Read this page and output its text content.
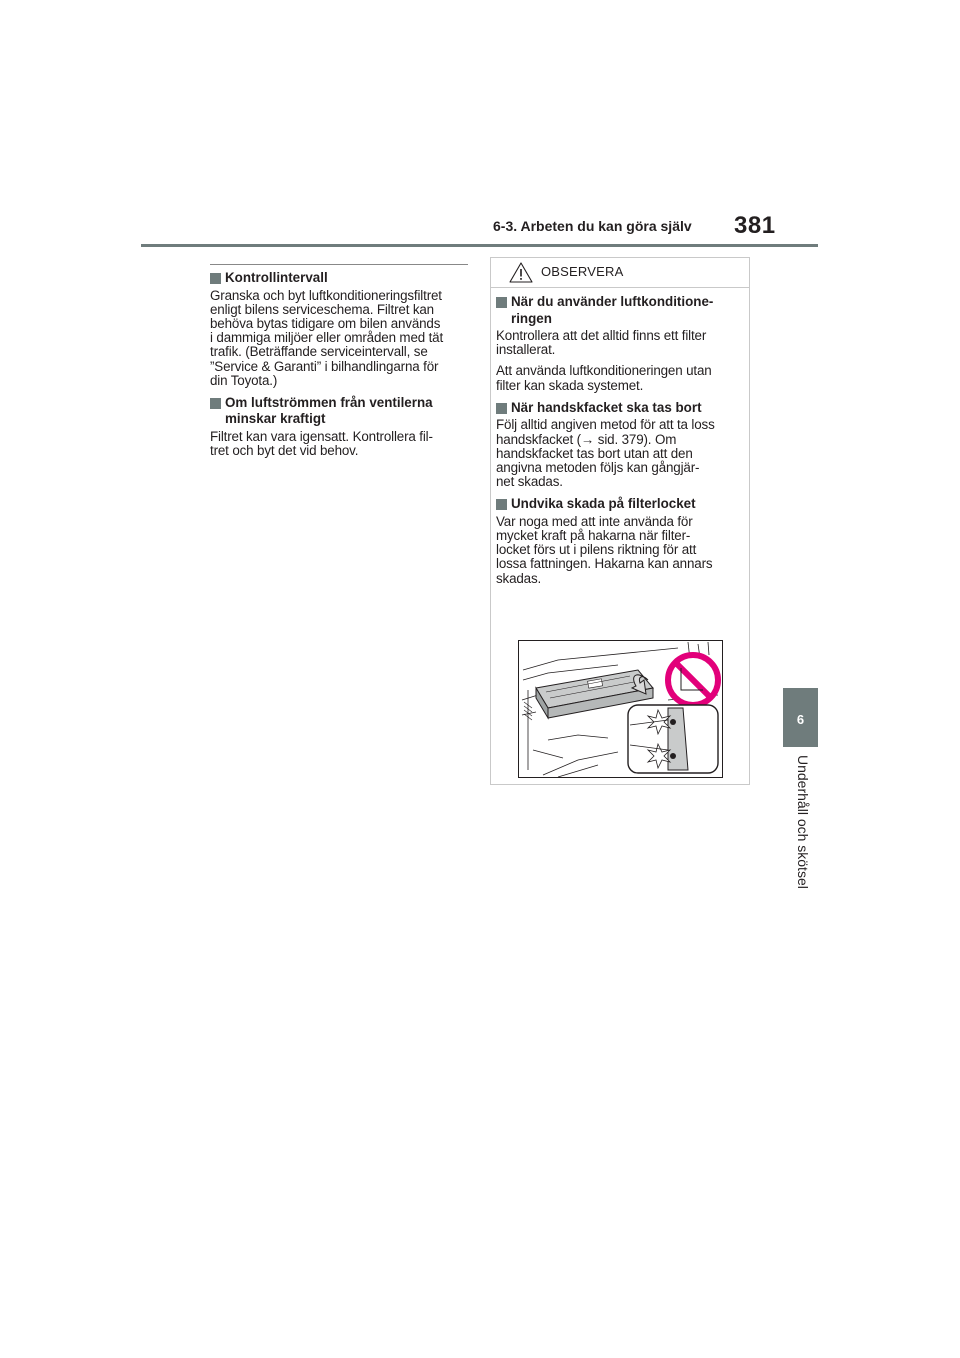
6-3. Arbeten du kan göra själv 381
6
Underhåll och skötsel
Kontrollintervall

Granska och byt luftkonditioneringsfiltret
enligt bilens serviceschema. Filtret kan
behöva bytas tidigare om bilen används
i dammiga miljöer eller områden med tät
trafik. (Beträffande serviceintervall, se
”Service & Garanti” i bilhandlingarna för
din Toyota.)

Om luftströmmen från ventilerna
minskar kraftigt

Filtret kan vara igensatt. Kontrollera fil-
tret och byt det vid behov.

OBSERVERA
När du använder luftkonditione-
ringen

Kontrollera att det alltid finns ett filter
installerat.

Att använda luftkonditioneringen utan
filter kan skada systemet.

När handskfacket ska tas bort

Följ alltid angiven metod för att ta loss
handskfacket (→ sid. 379). Om
handskfacket tas bort utan att den
angivna metoden följs kan gångjär-
net skadas.

Undvika skada på filterlocket

Var noga med att inte använda för
mycket kraft på hakarna när filter-
locket förs ut i pilens riktning för att
lossa fattningen. Hakarna kan annars
skadas.
